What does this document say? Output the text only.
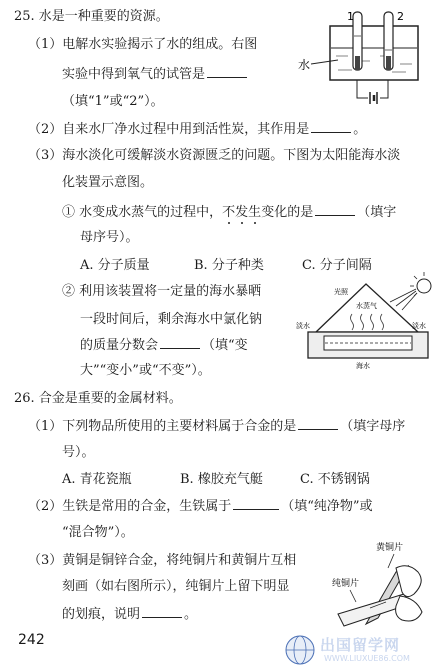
25. 水是一种重要的资源。
（1）电解水实验揭示了水的组成。右图
实验中得到氧气的试管是
（填“1”或“2”）。
1	2
水
（2）自来水厂净水过程中用到活性炭，其作用是	。
（3）海水淡化可缓解淡水资源匮乏的问题。下图为太阳能海水淡
化装置示意图。
① 水变成水蒸气的过程中，不发生变化的是	（填字
母序号）。
A. 分子质量	B. 分子种类	C. 分子间隔
② 利用该装置将一定量的海水暴晒
一段时间后，剩余海水中氯化钠
的质量分数会	（填“变
大”“变小”或“不变”）。
光照
水蒸气
淡水	淡水
海水
26. 合金是重要的金属材料。
（1）下列物品所使用的主要材料属于合金的是	（填字母序
号）。
A. 青花瓷瓶	B. 橡胶充气艇	C. 不锈钢锅
（2）生铁是常用的合金，生铁属于	（填“纯净物”或
“混合物”）。
（3）黄铜是铜锌合金，将纯铜片和黄铜片互相
刻画（如右图所示），纯铜片上留下明显
的划痕，说明	。
黄铜片
纯铜片
242	出国留学网
WWW.LIUXUE86.COM
